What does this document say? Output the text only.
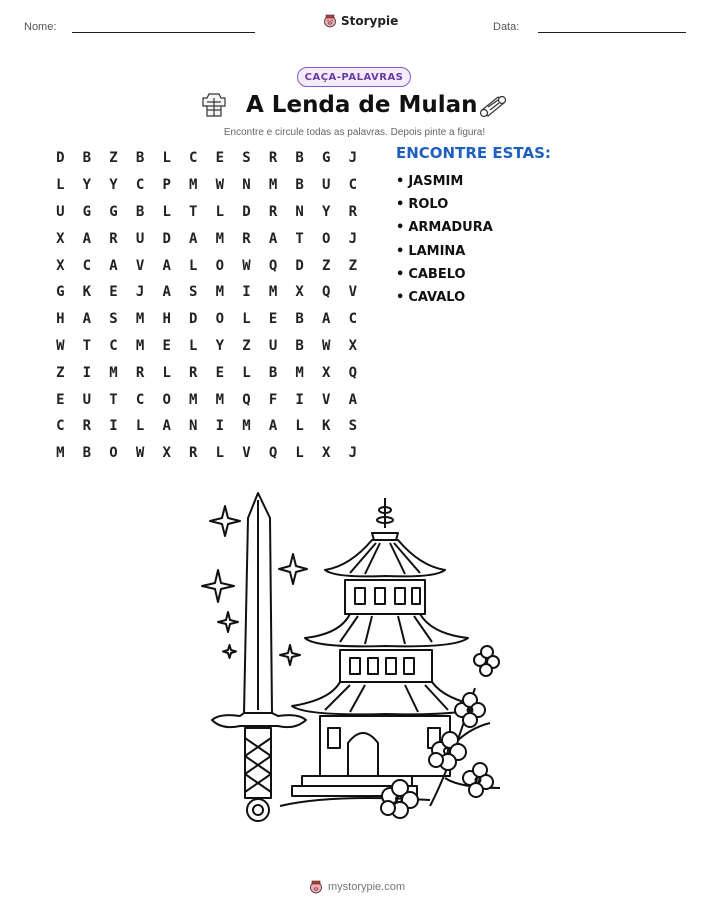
Nome:	Storypie	Data:
CAÇA-PALAVRAS
A Lenda de Mulan
Encontre e circule todas as palavras. Depois pinte a figura!
D	B	Z	B	L	C	E	S	R	B	G	J
L	Y	Y	C	P	M	W	N	M	B	U	C
U	G	G	B	L	T	L	D	R	N	Y	R
X	A	R	U	D	A	M	R	A	T	O	J
X	C	A	V	A	L	O	W	Q	D	Z	Z
G	K	E	J	A	S	M	I	M	X	Q	V
H	A	S	M	H	D	O	L	E	B	A	C
W	T	C	M	E	L	Y	Z	U	B	W	X
Z	I	M	R	L	R	E	L	B	M	X	Q
E	U	T	C	O	M	M	Q	F	I	V	A
C	R	I	L	A	N	I	M	A	L	K	S
M	B	O	W	X	R	L	V	Q	L	X	J
ENCONTRE ESTAS:
• JASMIM
• ROLO
• ARMADURA
• LAMINA
• CABELO
• CAVALO
mystorypie.com
